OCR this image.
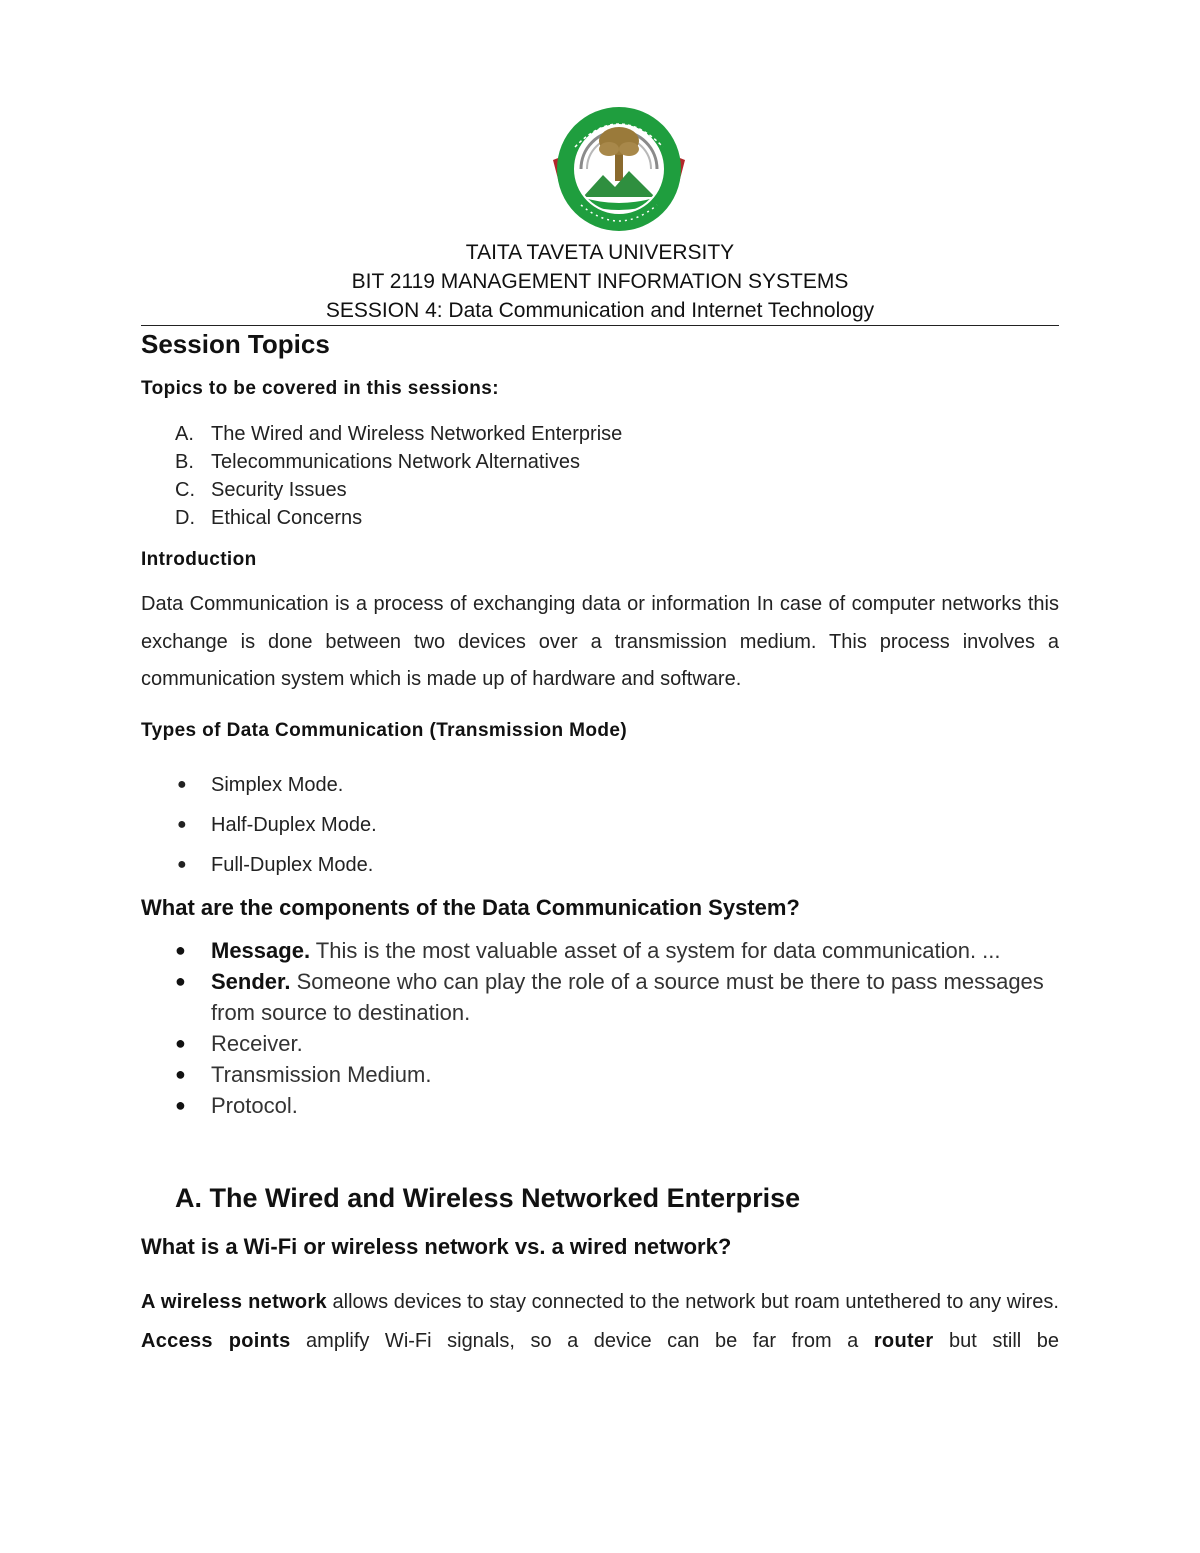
TAITA TAVETA UNIVERSITY
BIT 2119 MANAGEMENT INFORMATION SYSTEMS
SESSION 4: Data Communication and Internet Technology
Session Topics
Topics to be covered in this sessions:
A. The Wired and Wireless Networked Enterprise
B. Telecommunications Network Alternatives
C. Security Issues
D. Ethical Concerns
Introduction

Data Communication is a process of exchanging data or information In case of computer networks this exchange is done between two devices over a transmission medium. This process involves a communication system which is made up of hardware and software.

Types of Data Communication (Transmission Mode)
● Simplex Mode.
● Half-Duplex Mode.
● Full-Duplex Mode.
What are the components of the Data Communication System?
● Message. This is the most valuable asset of a system for data communication. ...
● Sender. Someone who can play the role of a source must be there to pass messages from source to destination.
● Receiver.
● Transmission Medium.
● Protocol.
A. The Wired and Wireless Networked Enterprise
What is a Wi-Fi or wireless network vs. a wired network?

A wireless network allows devices to stay connected to the network but roam untethered to any wires. Access points amplify Wi-Fi signals, so a device can be far from a router but still be
